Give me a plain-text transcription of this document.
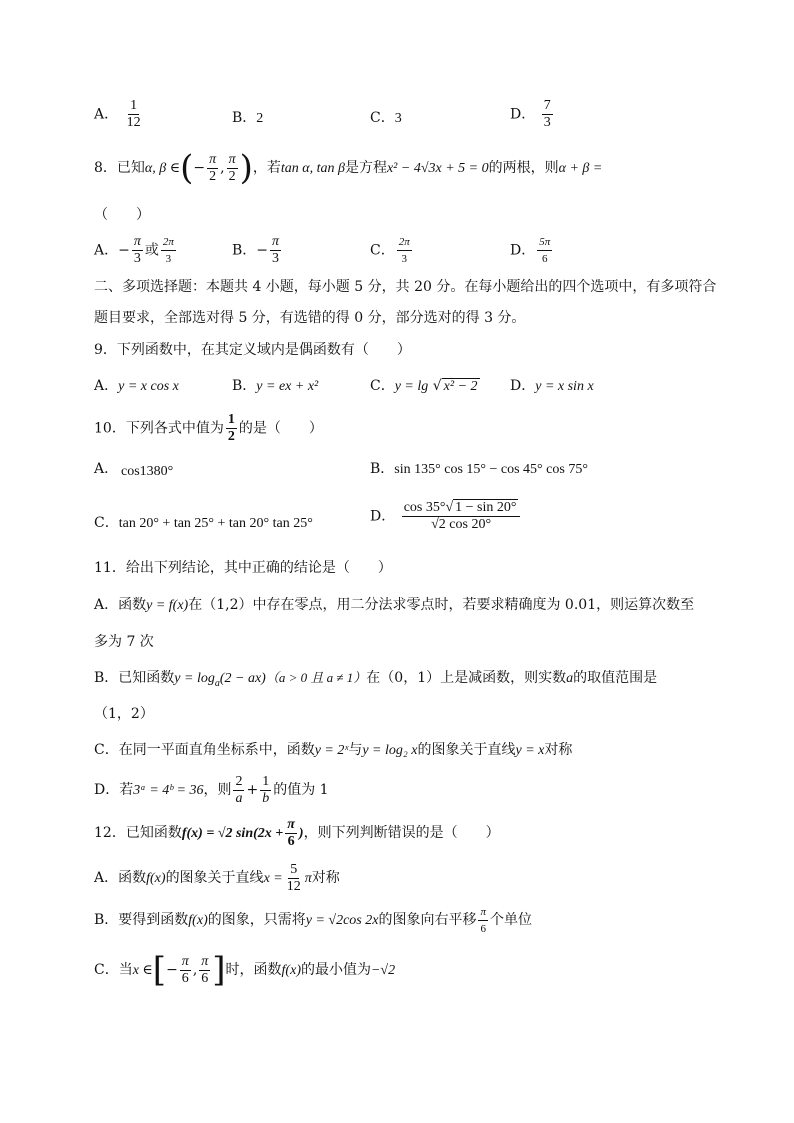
A． $\frac{1}{12}$	B．2	C．3	D． $\frac{7}{3}$
8．已知α, β ∈(− $\frac{\pi}{2}$ , $\frac{\pi}{2}$ )，若tan α, tan β是方程x² − 4√3x + 5 = 0的两根，则α + β =
（　　）
A．− $\frac{\pi}{3}$ 或 $\frac{2\pi}{3}$	B．− $\frac{\pi}{3}$	C． $\frac{2\pi}{3}$	D． $\frac{5\pi}{6}$
二、多项选择题：本题共 4 小题，每小题 5 分，共 20 分。在每小题给出的四个选项中，有多项符合
题目要求，全部选对得 5 分，有选错的得 0 分，部分选对的得 3 分。
9．下列函数中，在其定义域内是偶函数有（　　）
A．y = x cos x	B．y = ex + x²	C．y = lg √ x² − 2 D．y = x sin x
10．下列各式中值为 $\frac{1}{2}$ 的是（　　）
A． cos1380°	B．sin 135° cos 15° − cos 45° cos 75°
C．tan 20° + tan 25° + tan 20° tan 25°	D． $\frac{\cos 35^\circ√ 1 - \sin 20^\circ}{√2 \cos 20^\circ}$
11．给出下列结论，其中正确的结论是（　　）
A．函数y = f(x)在（1,2）中存在零点，用二分法求零点时，若要求精确度为 0.01，则运算次数至
多为 7 次
B．已知函数$y = \log_a(2 - ax)(a > 0$ 且 a ≠ 1）在（0，1）上是减函数，则实数a的取值范围是
（1，2）
C．在同一平面直角坐标系中，函数y = 2ˣ与y = log₂ x的图象关于直线y = x对称
D．若3ᵃ = 4ᵇ = 36，则 $\frac{2}{a} + \frac{1}{b}$ 的值为 1
12．已知函数f(x) = √2 $\sin(2x + \frac{\pi}{6}$ )，则下列判断错误的是（　　）
A．函数f(x)的图象关于直线$x = \frac{5}{12}$ π对称
B．要得到函数f(x)的图象，只需将y = √2cos 2x的图象向右平移 $\frac{\pi}{6}$ 个单位
C．当x ∈[− $\frac{\pi}{6}$ , $\frac{\pi}{6}$ ]时，函数f(x)的最小值为−√2
